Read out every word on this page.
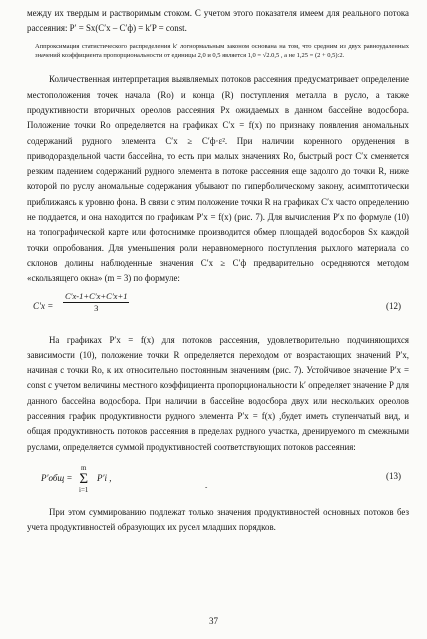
между их твердым и растворимым стоком. С учетом этого показателя имеем для реального потока рассеяния: P′ = Sx(C′x – C′ф) = k′P = const.

Аппроксимация статистического распределения k′ логнормальным законом основана на том, что средним из двух равноудаленных значений коэффициента пропорциональности от единицы 2,0 и 0,5 является 1,0 = √2.0,5 , а не 1,25 = (2 + 0,5):2.

Количественная интерпретация выявляемых потоков рассеяния предусматривает определение местоположения точек начала (Ro) и конца (R) поступления металла в русло, а также продуктивности вторичных ореолов рассеяния Px ожидаемых в данном бассейне водосбора. Положение точки Ro определяется на графиках C′x = f(x) по признаку появления аномальных содержаний рудного элемента C′x ≥ C′ф·ε². При наличии коренного оруденения в приводораздельной части бассейна, то есть при малых значениях Ro, быстрый рост C′x сменяется резким падением содержаний рудного элемента в потоке рассеяния еще задолго до точки R, ниже которой по руслу аномальные содержания убывают по гиперболическому закону, асимптотически приближаясь к уровню фона. В связи с этим положение точки R на графиках C′x часто определению не поддается, и она находится по графикам P′x = f(x) (рис. 7). Для вычисления P′x по формуле (10) на топографической карте или фотоснимке производится обмер площадей водосборов Sx каждой точки опробования. Для уменьшения роли неравномерного поступления рыхлого материала со склонов долины наблюденные значения C′x ≥ C′ф предварительно осредняются методом «скользящего окна» (m = 3) по формуле:

$C'x = \frac{C'x-1+C'x+C'x+1}{3}$	(12)

На графиках P′x = f(x) для потоков рассеяния, удовлетворительно подчиняющихся зависимости (10), положение точки R определяется переходом от возрастающих значений P′x, начиная с точки Ro, к их относительно постоянным значениям (рис. 7). Устойчивое значение P′x = const с учетом величины местного коэффициента пропорциональности k′ определяет значение P для данного бассейна водосбора. При наличии в бассейне водосбора двух или нескольких ореолов рассеяния график продуктивности рудного элемента P′x = f(x) ,будет иметь ступенчатый вид, и общая продуктивность потоков рассеяния в пределах рудного участка, дренируемого m смежными руслами, определяется суммой продуктивностей соответствующих потоков рассеяния:

P′общ =
m
Σ
i=1
P′i ,
-
(13)

При этом суммированию подлежат только значения продуктивностей основных потоков без учета продуктивностей образующих их русел младших порядков.

37
